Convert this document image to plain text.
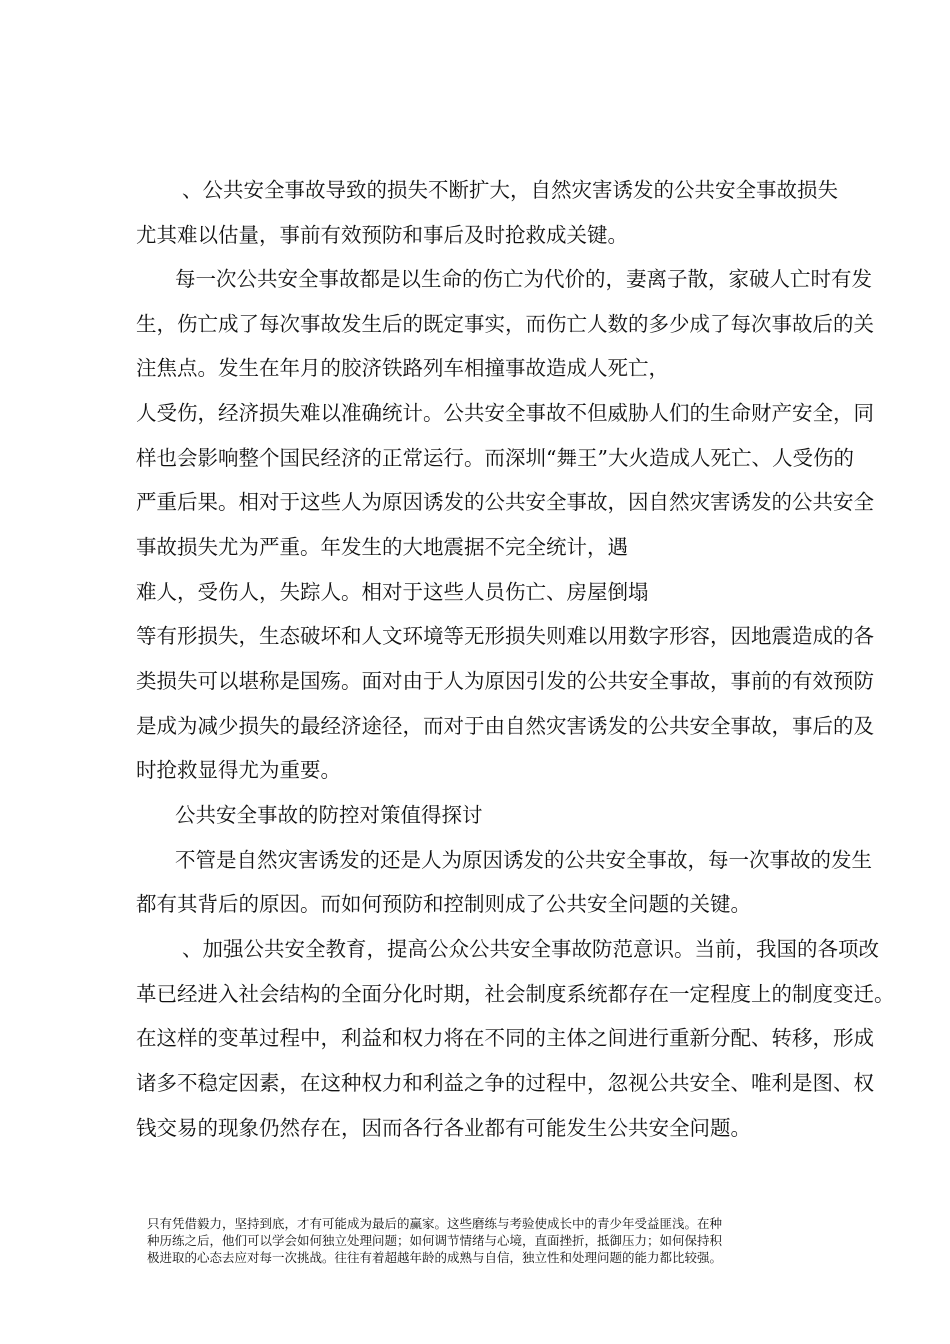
、公共安全事故导致的损失不断扩大，自然灾害诱发的公共安全事故损失
尤其难以估量，事前有效预防和事后及时抢救成关键。
每一次公共安全事故都是以生命的伤亡为代价的，妻离子散，家破人亡时有发
生，伤亡成了每次事故发生后的既定事实，而伤亡人数的多少成了每次事故后的关
注焦点。发生在年月的胶济铁路列车相撞事故造成人死亡，
人受伤，经济损失难以准确统计。公共安全事故不但威胁人们的生命财产安全，同
样也会影响整个国民经济的正常运行。而深圳“舞王”大火造成人死亡、人受伤的
严重后果。相对于这些人为原因诱发的公共安全事故，因自然灾害诱发的公共安全
事故损失尤为严重。年发生的大地震据不完全统计，遇
难人，受伤人，失踪人。相对于这些人员伤亡、房屋倒塌
等有形损失，生态破坏和人文环境等无形损失则难以用数字形容，因地震造成的各
类损失可以堪称是国殇。面对由于人为原因引发的公共安全事故，事前的有效预防
是成为减少损失的最经济途径，而对于由自然灾害诱发的公共安全事故，事后的及
时抢救显得尤为重要。
公共安全事故的防控对策值得探讨
不管是自然灾害诱发的还是人为原因诱发的公共安全事故，每一次事故的发生
都有其背后的原因。而如何预防和控制则成了公共安全问题的关键。
、加强公共安全教育，提高公众公共安全事故防范意识。当前，我国的各项改
革已经进入社会结构的全面分化时期，社会制度系统都存在一定程度上的制度变迁。
在这样的变革过程中，利益和权力将在不同的主体之间进行重新分配、转移，形成
诸多不稳定因素，在这种权力和利益之争的过程中，忽视公共安全、唯利是图、权
钱交易的现象仍然存在，因而各行各业都有可能发生公共安全问题。
只有凭借毅力，坚持到底，才有可能成为最后的赢家。这些磨练与考验使成长中的青少年受益匪浅。在种
种历练之后，他们可以学会如何独立处理问题；如何调节情绪与心境，直面挫折，抵御压力；如何保持积
极进取的心态去应对每一次挑战。往往有着超越年龄的成熟与自信，独立性和处理问题的能力都比较强。
